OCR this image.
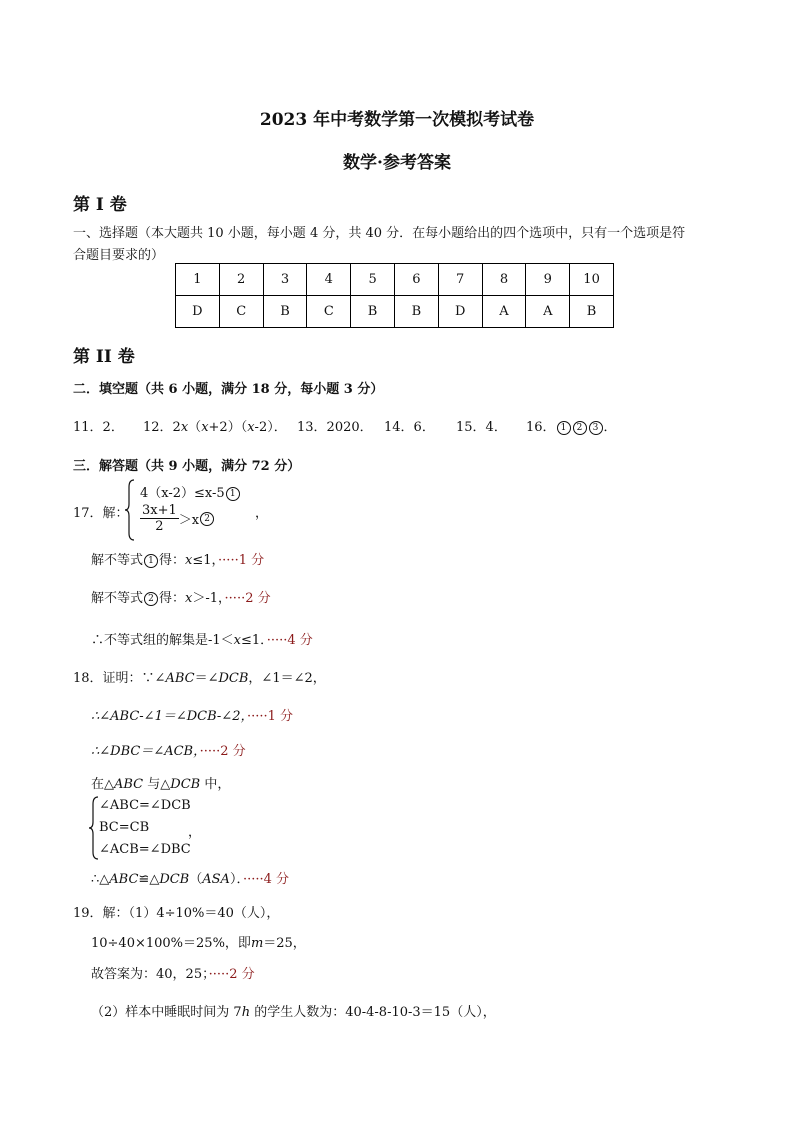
2023 年中考数学第一次模拟考试卷
数学·参考答案
第 I 卷
一、选择题（本大题共 10 小题，每小题 4 分，共 40 分．在每小题给出的四个选项中，只有一个选项是符
合题目要求的）
1	2	3	4	5	6	7	8	9	10
D	C	B	C	B	B	D	A	A	B
第 II 卷
二．填空题（共 6 小题，满分 18 分，每小题 3 分）
11．2． 12．2x（x+2）（x-2）． 13．2020． 14．6． 15．4． 16． 1 2 3 ．
三．解答题（共 9 小题，满分 72 分）
17．解：
4（x-2）≤x-5 1
$\frac{3x+1}{2} >x$ 2	，
解不等式 1 得：x≤1，·····1 分
解不等式 2 得：x＞-1，·····2 分
∴不等式组的解集是-1＜x≤1．·····4 分
18．证明：∵∠ABC＝∠DCB，∠1＝∠2，
∴∠ABC-∠1＝∠DCB-∠2，·····1 分
∴∠DBC＝∠ACB，·····2 分
在△ABC 与△DCB 中，
∠ABC=∠DCB
BC=CB	，
∠ACB=∠DBC
∴△ABC≌△DCB（ASA）．·····4 分
19．解：（1）4÷10%＝40（人），
10÷40×100%＝25%，即m＝25，
故答案为：40，25；·····2 分
（2）样本中睡眠时间为 7h 的学生人数为：40-4-8-10-3＝15（人），
